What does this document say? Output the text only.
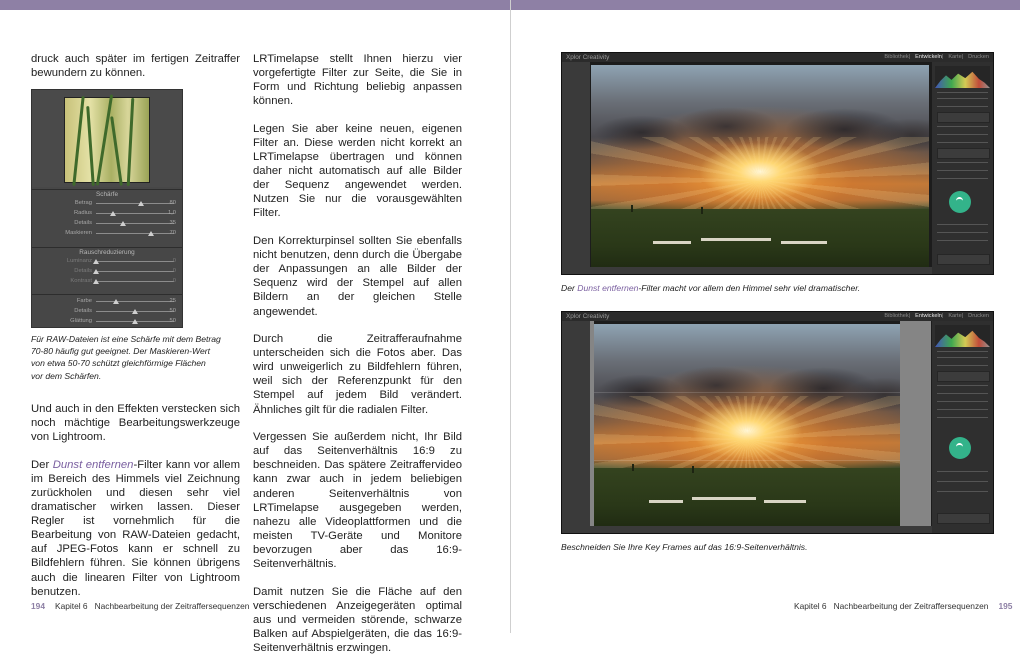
druck auch später im fertigen Zeitraffer bewundern zu können.

Schärfe
Betrag	80
Radius	1,0
Details	35
Maskieren	70
Rauschreduzierung
Luminanz	0
Details	0
Kontrast	0
Farbe	25
Details	50
Glättung	50
Für RAW-Dateien ist eine Schärfe mit dem Betrag
70-80 häufig gut geeignet. Der Maskieren-Wert
von etwa 50-70 schützt gleichförmige Flächen
vor dem Schärfen.

Und auch in den Effekten verstecken sich noch mächtige Bearbeitungswerkzeuge von Lightroom.

Der Dunst entfernen-Filter kann vor allem im Bereich des Himmels viel Zeichnung zurückholen und diesen sehr viel dramatischer wirken lassen. Dieser Regler ist vornehmlich für die Bearbeitung von RAW-Dateien gedacht, auf JPEG-Fotos kann er schnell zu Bildfehlern führen. Sie können übrigens auch die linearen Filter von Lightroom benutzen.

LRTimelapse stellt Ihnen hierzu vier vorgefertigte Filter zur Seite, die Sie in Form und Richtung beliebig anpassen können.

Legen Sie aber keine neuen, eigenen Filter an. Diese werden nicht korrekt an LRTimelapse übertragen und können daher nicht automatisch auf alle Bilder der Sequenz angewendet werden. Nutzen Sie nur die vorausgewählten Filter.

Den Korrekturpinsel sollten Sie ebenfalls nicht benutzen, denn durch die Übergabe der Anpassungen an alle Bilder der Sequenz wird der Stempel auf allen Bildern an der gleichen Stelle angewendet.

Durch die Zeitrafferaufnahme unterscheiden sich die Fotos aber. Das wird unweigerlich zu Bildfehlern führen, weil sich der Referenzpunkt für den Stempel auf jedem Bild verändert. Ähnliches gilt für die radialen Filter.

Vergessen Sie außerdem nicht, Ihr Bild auf das Seitenverhältnis 16:9 zu beschneiden. Das spätere Zeitraffervideo kann zwar auch in jedem beliebigen anderen Seitenverhältnis von LRTimelapse ausgegeben werden, nahezu alle Videoplattformen und die meisten TV-Geräte und Monitore bevorzugen aber das 16:9-Seitenverhältnis.

Damit nutzen Sie die Fläche auf den verschiedenen Anzeigegeräten optimal aus und vermeiden störende, schwarze Balken auf Abspielgeräten, die das 16:9-Seitenverhältnis erzwingen.

194 Kapitel 6 Nachbearbeitung der Zeitraffersequenzen	Kapitel 6 Nachbearbeitung der Zeitraffersequenzen 195
Xplor Creativity	Bibliothek| Entwickeln| Karte| Drucken
Der Dunst entfernen-Filter macht vor allem den Himmel sehr viel dramatischer.
Xplor Creativity	Bibliothek| Entwickeln| Karte| Drucken
Beschneiden Sie Ihre Key Frames auf das 16:9-Seitenverhältnis.
